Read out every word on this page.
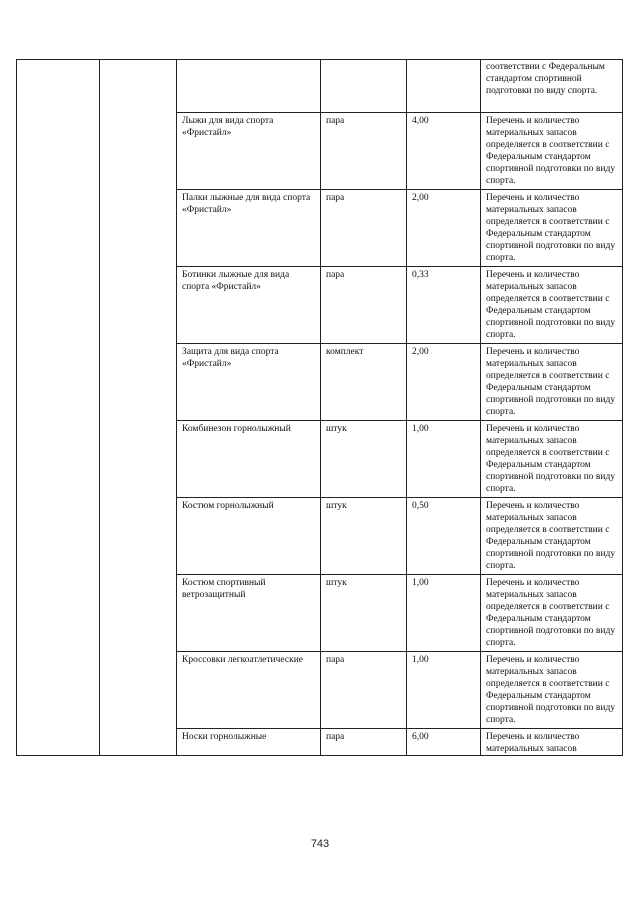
					соответствии с Федеральным стандартом спортивной подготовки по виду спорта.
		Лыжи для вида спорта «Фристайл»	пара	4,00	Перечень и количество материальных запасов определяется в соответствии с Федеральным стандартом спортивной подготовки по виду спорта.
		Палки лыжные для вида спорта «Фристайл»	пара	2,00	Перечень и количество материальных запасов определяется в соответствии с Федеральным стандартом спортивной подготовки по виду спорта.
		Ботинки лыжные для вида спорта «Фристайл»	пара	0,33	Перечень и количество материальных запасов определяется в соответствии с Федеральным стандартом спортивной подготовки по виду спорта.
		Защита для вида спорта «Фристайл»	комплект	2,00	Перечень и количество материальных запасов определяется в соответствии с Федеральным стандартом спортивной подготовки по виду спорта.
		Комбинезон горнолыжный	штук	1,00	Перечень и количество материальных запасов определяется в соответствии с Федеральным стандартом спортивной подготовки по виду спорта.
		Костюм горнолыжный	штук	0,50	Перечень и количество материальных запасов определяется в соответствии с Федеральным стандартом спортивной подготовки по виду спорта.
		Костюм спортивный ветрозащитный	штук	1,00	Перечень и количество материальных запасов определяется в соответствии с Федеральным стандартом спортивной подготовки по виду спорта.
		Кроссовки легкоатлетические	пара	1,00	Перечень и количество материальных запасов определяется в соответствии с Федеральным стандартом спортивной подготовки по виду спорта.
		Носки горнолыжные	пара	6,00	Перечень и количество материальных запасов
743
